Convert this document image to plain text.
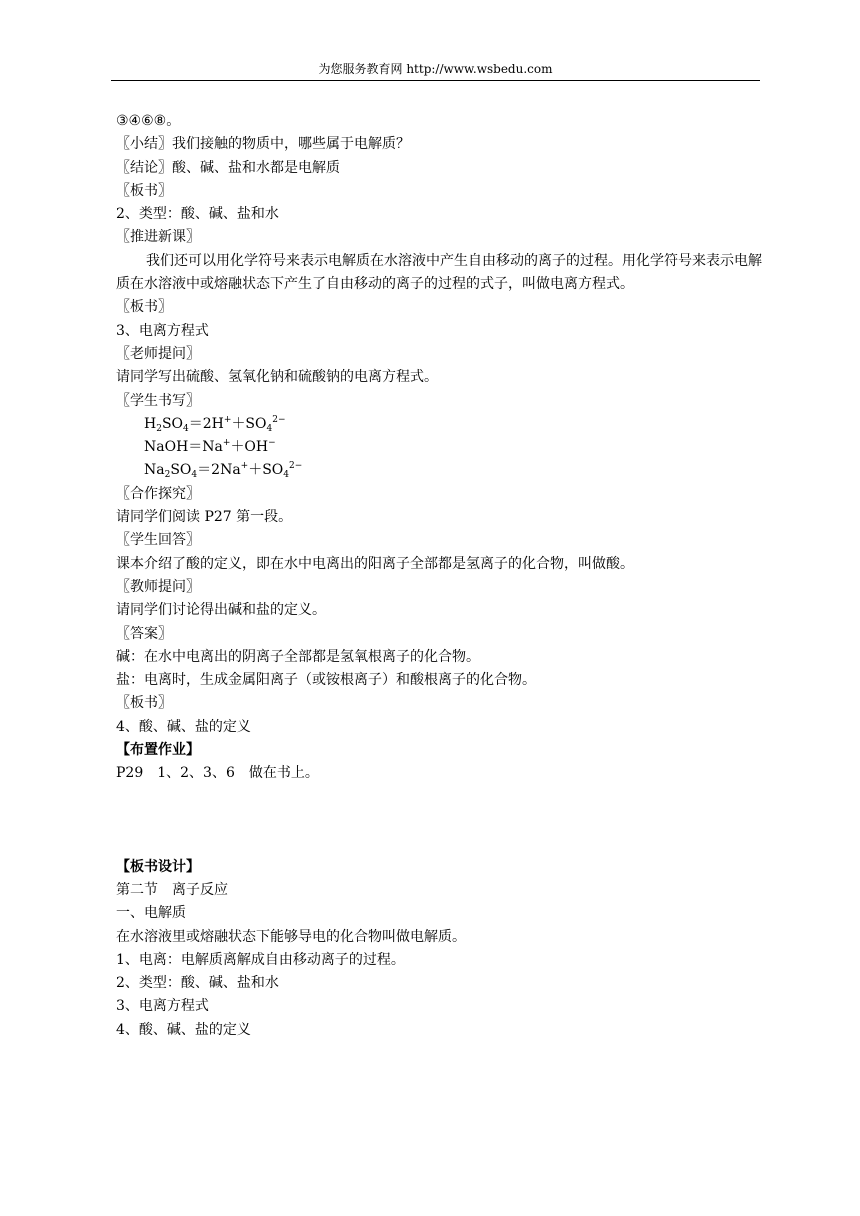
为您服务教育网 http://www.wsbedu.com
③④⑥⑧。
〖小结〗我们接触的物质中，哪些属于电解质？
〖结论〗酸、碱、盐和水都是电解质
〖板书〗
2、类型：酸、碱、盐和水
〖推进新课〗
我们还可以用化学符号来表示电解质在水溶液中产生自由移动的离子的过程。用化学符号来表示电解质在水溶液中或熔融状态下产生了自由移动的离子的过程的式子，叫做电离方程式。
〖板书〗
3、电离方程式
〖老师提问〗
请同学写出硫酸、氢氧化钠和硫酸钠的电离方程式。
〖学生书写〗
$H_2SO_4=2H^++SO_4^{2-}$
NaOH＝Na+＋OH−
$Na_2SO_4=2Na^++SO_4^{2-}$
〖合作探究〗
请同学们阅读 P27 第一段。
〖学生回答〗
课本介绍了酸的定义，即在水中电离出的阳离子全部都是氢离子的化合物，叫做酸。
〖教师提问〗
请同学们讨论得出碱和盐的定义。
〖答案〗
碱：在水中电离出的阴离子全部都是氢氧根离子的化合物。
盐：电离时，生成金属阳离子（或铵根离子）和酸根离子的化合物。
〖板书〗
4、酸、碱、盐的定义
【布置作业】
P29　1、2、3、6　做在书上。
【板书设计】
第二节　离子反应
一、电解质
在水溶液里或熔融状态下能够导电的化合物叫做电解质。
1、电离：电解质离解成自由移动离子的过程。
2、类型：酸、碱、盐和水
3、电离方程式
4、酸、碱、盐的定义
